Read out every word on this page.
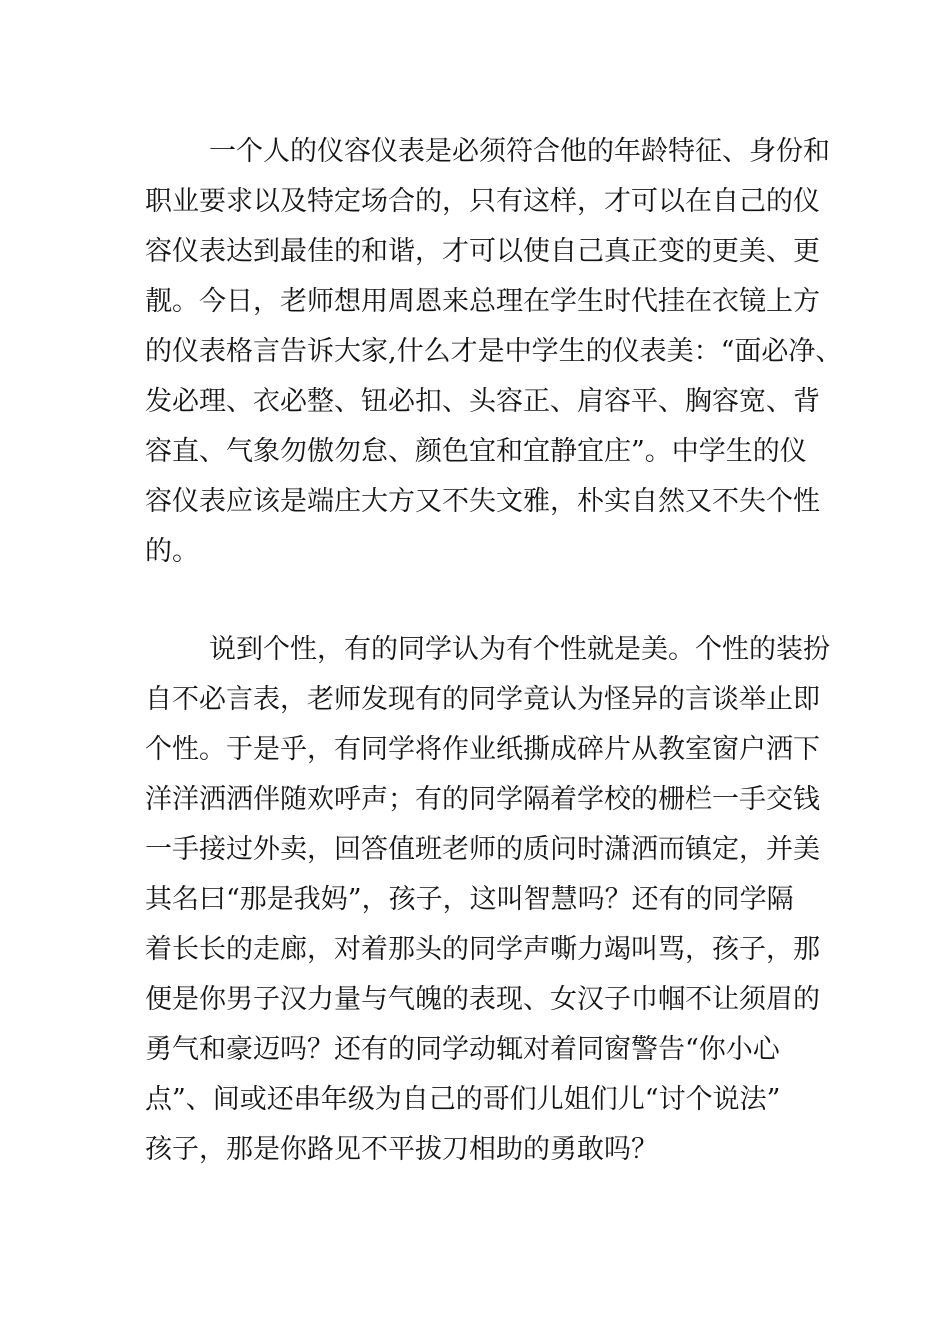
一个人的仪容仪表是必须符合他的年龄特征、身份和

职业要求以及特定场合的，只有这样，才可以在自己的仪

容仪表达到最佳的和谐，才可以使自己真正变的更美、更

靓。今日，老师想用周恩来总理在学生时代挂在衣镜上方

的仪表格言告诉大家,什么才是中学生的仪表美：“面必净、

发必理、衣必整、钮必扣、头容正、肩容平、胸容宽、背

容直、气象勿傲勿怠、颜色宜和宜静宜庄”。中学生的仪

容仪表应该是端庄大方又不失文雅，朴实自然又不失个性

的。

说到个性，有的同学认为有个性就是美。个性的装扮

自不必言表，老师发现有的同学竟认为怪异的言谈举止即

个性。于是乎，有同学将作业纸撕成碎片从教室窗户洒下

洋洋洒洒伴随欢呼声；有的同学隔着学校的栅栏一手交钱

一手接过外卖，回答值班老师的质问时潇洒而镇定，并美

其名曰“那是我妈”，孩子，这叫智慧吗？还有的同学隔

着长长的走廊，对着那头的同学声嘶力竭叫骂，孩子，那

便是你男子汉力量与气魄的表现、女汉子巾帼不让须眉的

勇气和豪迈吗？还有的同学动辄对着同窗警告“你小心

点”、间或还串年级为自己的哥们儿姐们儿“讨个说法”

孩子，那是你路见不平拔刀相助的勇敢吗？
